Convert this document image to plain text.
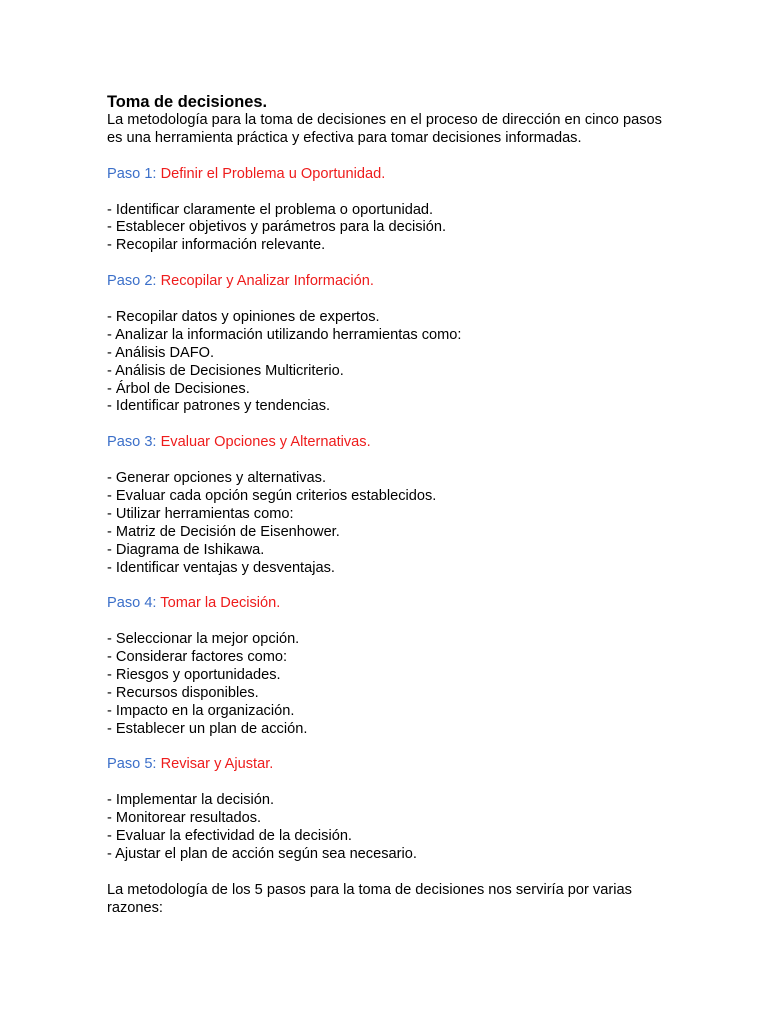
Toma de decisiones.

La metodología para la toma de decisiones en el proceso de dirección en cinco pasos es una herramienta práctica y efectiva para tomar decisiones informadas.

Paso 1: Definir el Problema u Oportunidad.

- Identificar claramente el problema o oportunidad.
- Establecer objetivos y parámetros para la decisión.
- Recopilar información relevante.

Paso 2: Recopilar y Analizar Información.

- Recopilar datos y opiniones de expertos.
- Analizar la información utilizando herramientas como:
- Análisis DAFO.
- Análisis de Decisiones Multicriterio.
- Árbol de Decisiones.
- Identificar patrones y tendencias.

Paso 3: Evaluar Opciones y Alternativas.

- Generar opciones y alternativas.
- Evaluar cada opción según criterios establecidos.
- Utilizar herramientas como:
- Matriz de Decisión de Eisenhower.
- Diagrama de Ishikawa.
- Identificar ventajas y desventajas.

Paso 4: Tomar la Decisión.

- Seleccionar la mejor opción.
- Considerar factores como:
- Riesgos y oportunidades.
- Recursos disponibles.
- Impacto en la organización.
- Establecer un plan de acción.

Paso 5: Revisar y Ajustar.

- Implementar la decisión.
- Monitorear resultados.
- Evaluar la efectividad de la decisión.
- Ajustar el plan de acción según sea necesario.

La metodología de los 5 pasos para la toma de decisiones nos serviría por varias razones:
